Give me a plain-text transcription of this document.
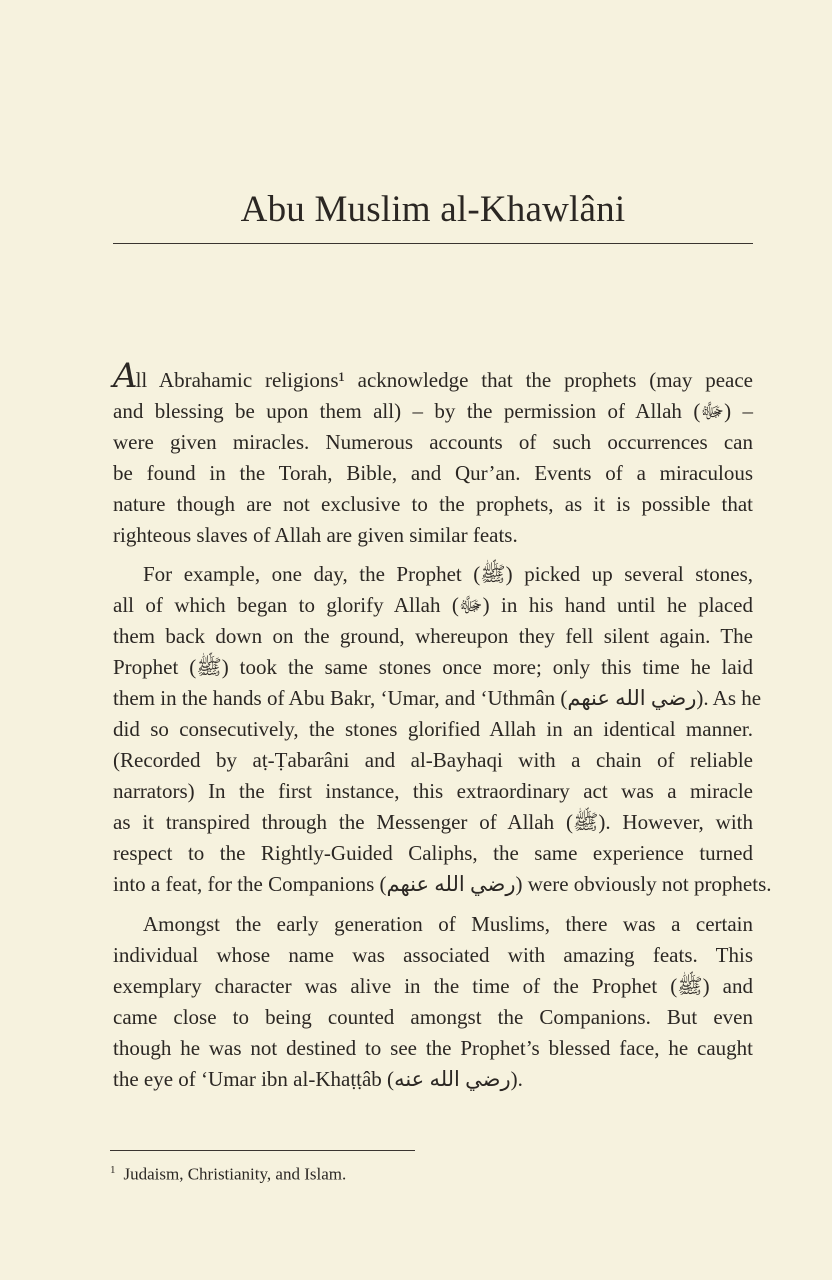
Abu Muslim al-Khawlâni
All Abrahamic religions¹ acknowledge that the prophets (may peace
and blessing be upon them all) – by the permission of Allah (ﷻ) –
were given miracles. Numerous accounts of such occurrences can
be found in the Torah, Bible, and Qur’an. Events of a miraculous
nature though are not exclusive to the prophets, as it is possible that
righteous slaves of Allah are given similar feats.
For example, one day, the Prophet (ﷺ) picked up several stones,
all of which began to glorify Allah (ﷻ) in his hand until he placed
them back down on the ground, whereupon they fell silent again. The
Prophet (ﷺ) took the same stones once more; only this time he laid
them in the hands of Abu Bakr, ‘Umar, and ‘Uthmân (رضي الله عنهم). As he
did so consecutively, the stones glorified Allah in an identical manner.
(Recorded by aṭ-Ṭabarâni and al-Bayhaqi with a chain of reliable
narrators) In the first instance, this extraordinary act was a miracle
as it transpired through the Messenger of Allah (ﷺ). However, with
respect to the Rightly-Guided Caliphs, the same experience turned
into a feat, for the Companions (رضي الله عنهم) were obviously not prophets.
Amongst the early generation of Muslims, there was a certain
individual whose name was associated with amazing feats. This
exemplary character was alive in the time of the Prophet (ﷺ) and
came close to being counted amongst the Companions. But even
though he was not destined to see the Prophet’s blessed face, he caught
the eye of ‘Umar ibn al-Khaṭṭâb (رضي الله عنه).
$^1$ Judaism, Christianity, and Islam.
